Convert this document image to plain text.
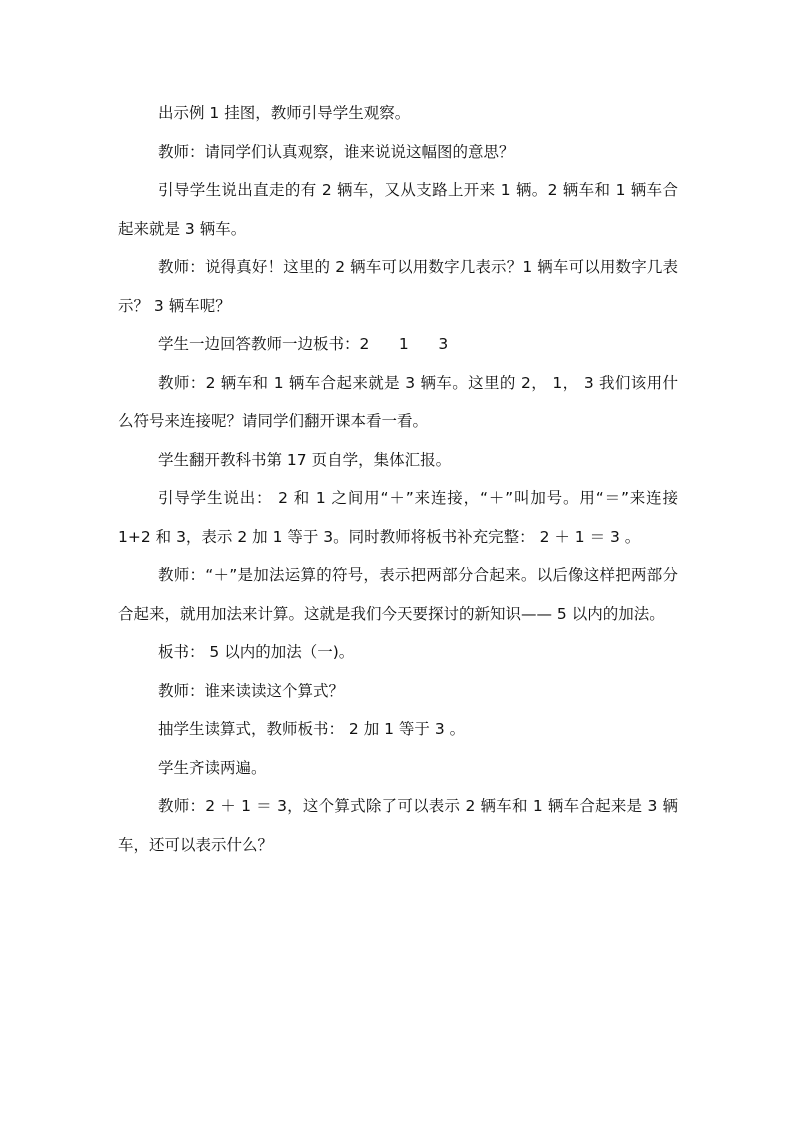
出示例 1 挂图，教师引导学生观察。

教师：请同学们认真观察，谁来说说这幅图的意思？

引导学生说出直走的有 2 辆车，又从支路上开来 1 辆。2 辆车和 1 辆车合起来就是 3 辆车。

教师：说得真好！这里的 2 辆车可以用数字几表示？1 辆车可以用数字几表示？ 3 辆车呢？

学生一边回答教师一边板书：2      1      3

教师：2 辆车和 1 辆车合起来就是 3 辆车。这里的 2， 1， 3 我们该用什么符号来连接呢？请同学们翻开课本看一看。

学生翻开教科书第 17 页自学，集体汇报。

引导学生说出： 2 和 1 之间用“＋”来连接，“＋”叫加号。用“＝”来连接 1+2 和 3，表示 2 加 1 等于 3。同时教师将板书补充完整： 2 ＋ 1 ＝ 3 。

教师：“＋”是加法运算的符号，表示把两部分合起来。以后像这样把两部分合起来，就用加法来计算。这就是我们今天要探讨的新知识—— 5 以内的加法。

板书： 5 以内的加法（一)。

教师：谁来读读这个算式？

抽学生读算式，教师板书： 2 加 1 等于 3 。

学生齐读两遍。

教师：2 ＋ 1 ＝ 3，这个算式除了可以表示 2 辆车和 1 辆车合起来是 3 辆车，还可以表示什么？
